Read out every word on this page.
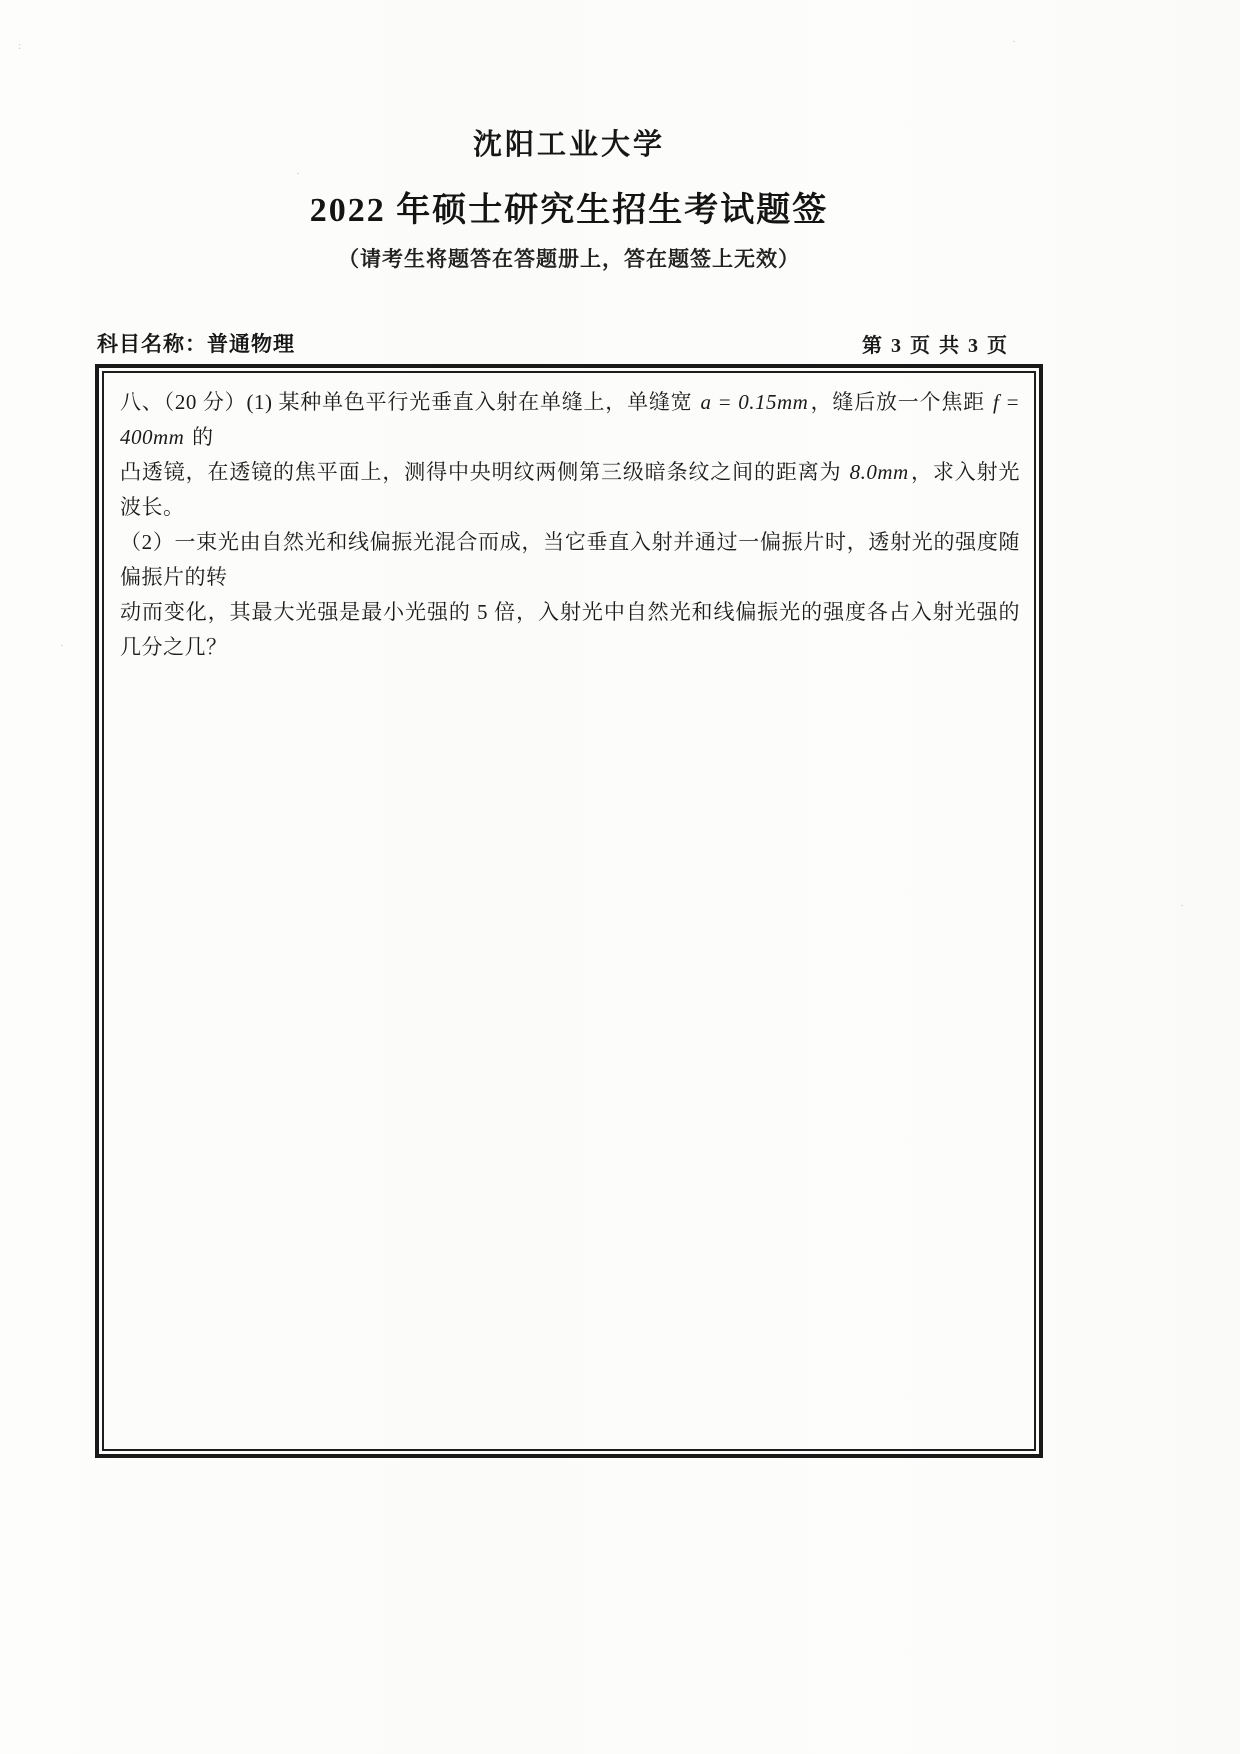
:
·
·
·
·
沈阳工业大学
2022 年硕士研究生招生考试题签
（请考生将题答在答题册上，答在题签上无效）
科目名称：普通物理	第 3 页 共 3 页
八、（20 分）(1) 某种单色平行光垂直入射在单缝上，单缝宽 a = 0.15mm，缝后放一个焦距 f = 400mm 的
凸透镜，在透镜的焦平面上，测得中央明纹两侧第三级暗条纹之间的距离为 8.0mm，求入射光波长。
（2）一束光由自然光和线偏振光混合而成，当它垂直入射并通过一偏振片时，透射光的强度随偏振片的转
动而变化，其最大光强是最小光强的 5 倍，入射光中自然光和线偏振光的强度各占入射光强的几分之几？
